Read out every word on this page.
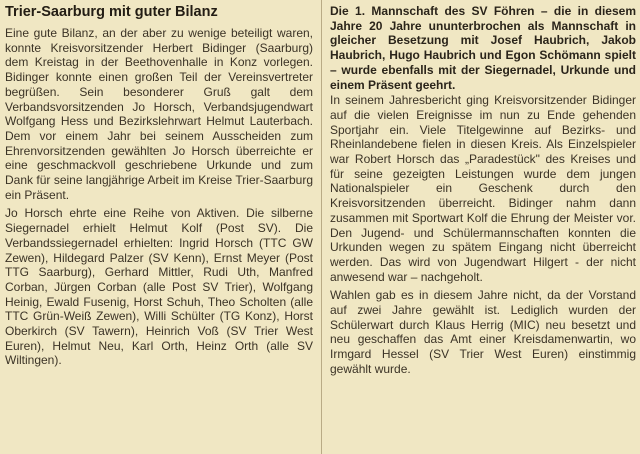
Trier-Saarburg mit guter Bilanz

Eine gute Bilanz, an der aber zu wenige beteiligt waren, konnte Kreisvorsitzender Herbert Bidinger (Saarburg) dem Kreistag in der Beethovenhalle in Konz vorlegen. Bidinger konnte einen großen Teil der Vereinsvertreter begrüßen. Sein besonderer Gruß galt dem Verbandsvorsitzenden Jo Horsch, Verbandsjugendwart Wolfgang Hess und Bezirkslehrwart Helmut Lauterbach. Dem vor einem Jahr bei seinem Ausscheiden zum Ehrenvorsitzenden gewählten Jo Horsch überreichte er eine geschmackvoll geschriebene Urkunde und zum Dank für seine langjährige Arbeit im Kreise Trier-Saarburg ein Präsent.

Jo Horsch ehrte eine Reihe von Aktiven. Die silberne Siegernadel erhielt Helmut Kolf (Post SV). Die Verbandssiegernadel erhielten: Ingrid Horsch (TTC GW Zewen), Hildegard Palzer (SV Kenn), Ernst Meyer (Post TTG Saarburg), Gerhard Mittler, Rudi Uth, Manfred Corban, Jürgen Corban (alle Post SV Trier), Wolfgang Heinig, Ewald Fusenig, Horst Schuh, Theo Scholten (alle TTC Grün-Weiß Zewen), Willi Schülter (TG Konz), Horst Oberkirch (SV Tawern), Heinrich Voß (SV Trier West Euren), Helmut Neu, Karl Orth, Heinz Orth (alle SV Wiltingen).

Die 1. Mannschaft des SV Föhren – die in diesem Jahre 20 Jahre ununterbrochen als Mannschaft in gleicher Besetzung mit Josef Haubrich, Jakob Haubrich, Hugo Haubrich und Egon Schömann spielt – wurde ebenfalls mit der Siegernadel, Urkunde und einem Präsent geehrt.

In seinem Jahresbericht ging Kreisvorsitzender Bidinger auf die vielen Ereignisse im nun zu Ende gehenden Sportjahr ein. Viele Titelgewinne auf Bezirks- und Rheinlandebene fielen in diesen Kreis. Als Einzelspieler war Robert Horsch das „Paradestück" des Kreises und für seine gezeigten Leistungen wurde dem jungen Nationalspieler ein Geschenk durch den Kreisvorsitzenden überreicht. Bidinger nahm dann zusammen mit Sportwart Kolf die Ehrung der Meister vor. Den Jugend- und Schülermannschaften konnten die Urkunden wegen zu spätem Eingang nicht überreicht werden. Das wird von Jugendwart Hilgert - der nicht anwesend war – nachgeholt.

Wahlen gab es in diesem Jahre nicht, da der Vorstand auf zwei Jahre gewählt ist. Lediglich wurden der Schülerwart durch Klaus Herrig (MIC) neu besetzt und neu geschaffen das Amt einer Kreisdamenwartin, wo Irmgard Hessel (SV Trier West Euren) einstimmig gewählt wurde.
